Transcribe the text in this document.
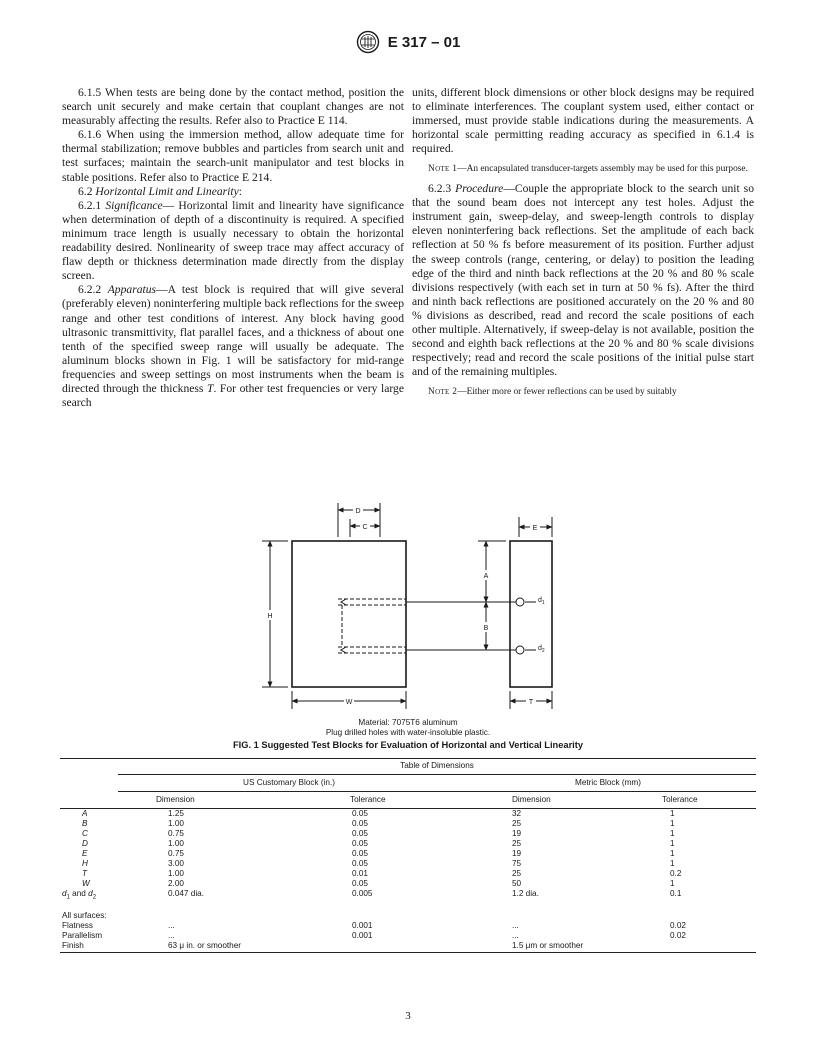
E 317 – 01

6.1.5 When tests are being done by the contact method, position the search unit securely and make certain that couplant changes are not measurably affecting the results. Refer also to Practice E 114.

6.1.6 When using the immersion method, allow adequate time for thermal stabilization; remove bubbles and particles from search unit and test surfaces; maintain the search-unit manipulator and test blocks in stable positions. Refer also to Practice E 214.

6.2 Horizontal Limit and Linearity:

6.2.1 Significance— Horizontal limit and linearity have significance when determination of depth of a discontinuity is required. A specified minimum trace length is usually necessary to obtain the horizontal readability desired. Nonlinearity of sweep trace may affect accuracy of flaw depth or thickness determination made directly from the display screen.

6.2.2 Apparatus—A test block is required that will give several (preferably eleven) noninterfering multiple back reflections for the sweep range and other test conditions of interest. Any block having good ultrasonic transmittivity, flat parallel faces, and a thickness of about one tenth of the specified sweep range will usually be adequate. The aluminum blocks shown in Fig. 1 will be satisfactory for mid-range frequencies and sweep settings on most instruments when the beam is directed through the thickness T. For other test frequencies or very large search

units, different block dimensions or other block designs may be required to eliminate interferences. The couplant system used, either contact or immersed, must provide stable indications during the measurements. A horizontal scale permitting reading accuracy as specified in 6.1.4 is required.

Note 1—An encapsulated transducer-targets assembly may be used for this purpose.

6.2.3 Procedure—Couple the appropriate block to the search unit so that the sound beam does not intercept any test holes. Adjust the instrument gain, sweep-delay, and sweep-length controls to display eleven noninterfering back reflections. Set the amplitude of each back reflection at 50 % fs before measurement of its position. Further adjust the sweep controls (range, centering, or delay) to position the leading edge of the third and ninth back reflections at the 20 % and 80 % scale divisions respectively (with each set in turn at 50 % fs). After the third and ninth back reflections are positioned accurately on the 20 % and 80 % divisions as described, read and record the scale positions of each other multiple. Alternatively, if sweep-delay is not available, position the second and eighth back reflections at the 20 % and 80 % scale divisions respectively; read and record the scale positions of the initial pulse start and of the remaining multiples.

Note 2—Either more or fewer reflections can be used by suitably

D
C	E
H
A
B
W	T
$d_1$
$d_2$
Material: 7075T6 aluminum
Plug drilled holes with water-insoluble plastic.
FIG. 1 Suggested Test Blocks for Evaluation of Horizontal and Vertical Linearity
	Table of Dimensions			
	US Customary Block (in.)		Metric Block (mm)	
	Dimension	Tolerance	Dimension	Tolerance
A	1.25	0.05	32	1
B	1.00	0.05	25	1
C	0.75	0.05	19	1
D	1.00	0.05	25	1
E	0.75	0.05	19	1
H	3.00	0.05	75	1
T	1.00	0.01	25	0.2
W	2.00	0.05	50	1
$d_1$ and $d_2$	0.047 dia.	0.005	1.2 dia.	0.1

All surfaces:				
Flatness	...	0.001	...	0.02
Parallelism	...	0.001	...	0.02
Finish	63 μ in. or smoother		1.5 μm or smoother	

3
